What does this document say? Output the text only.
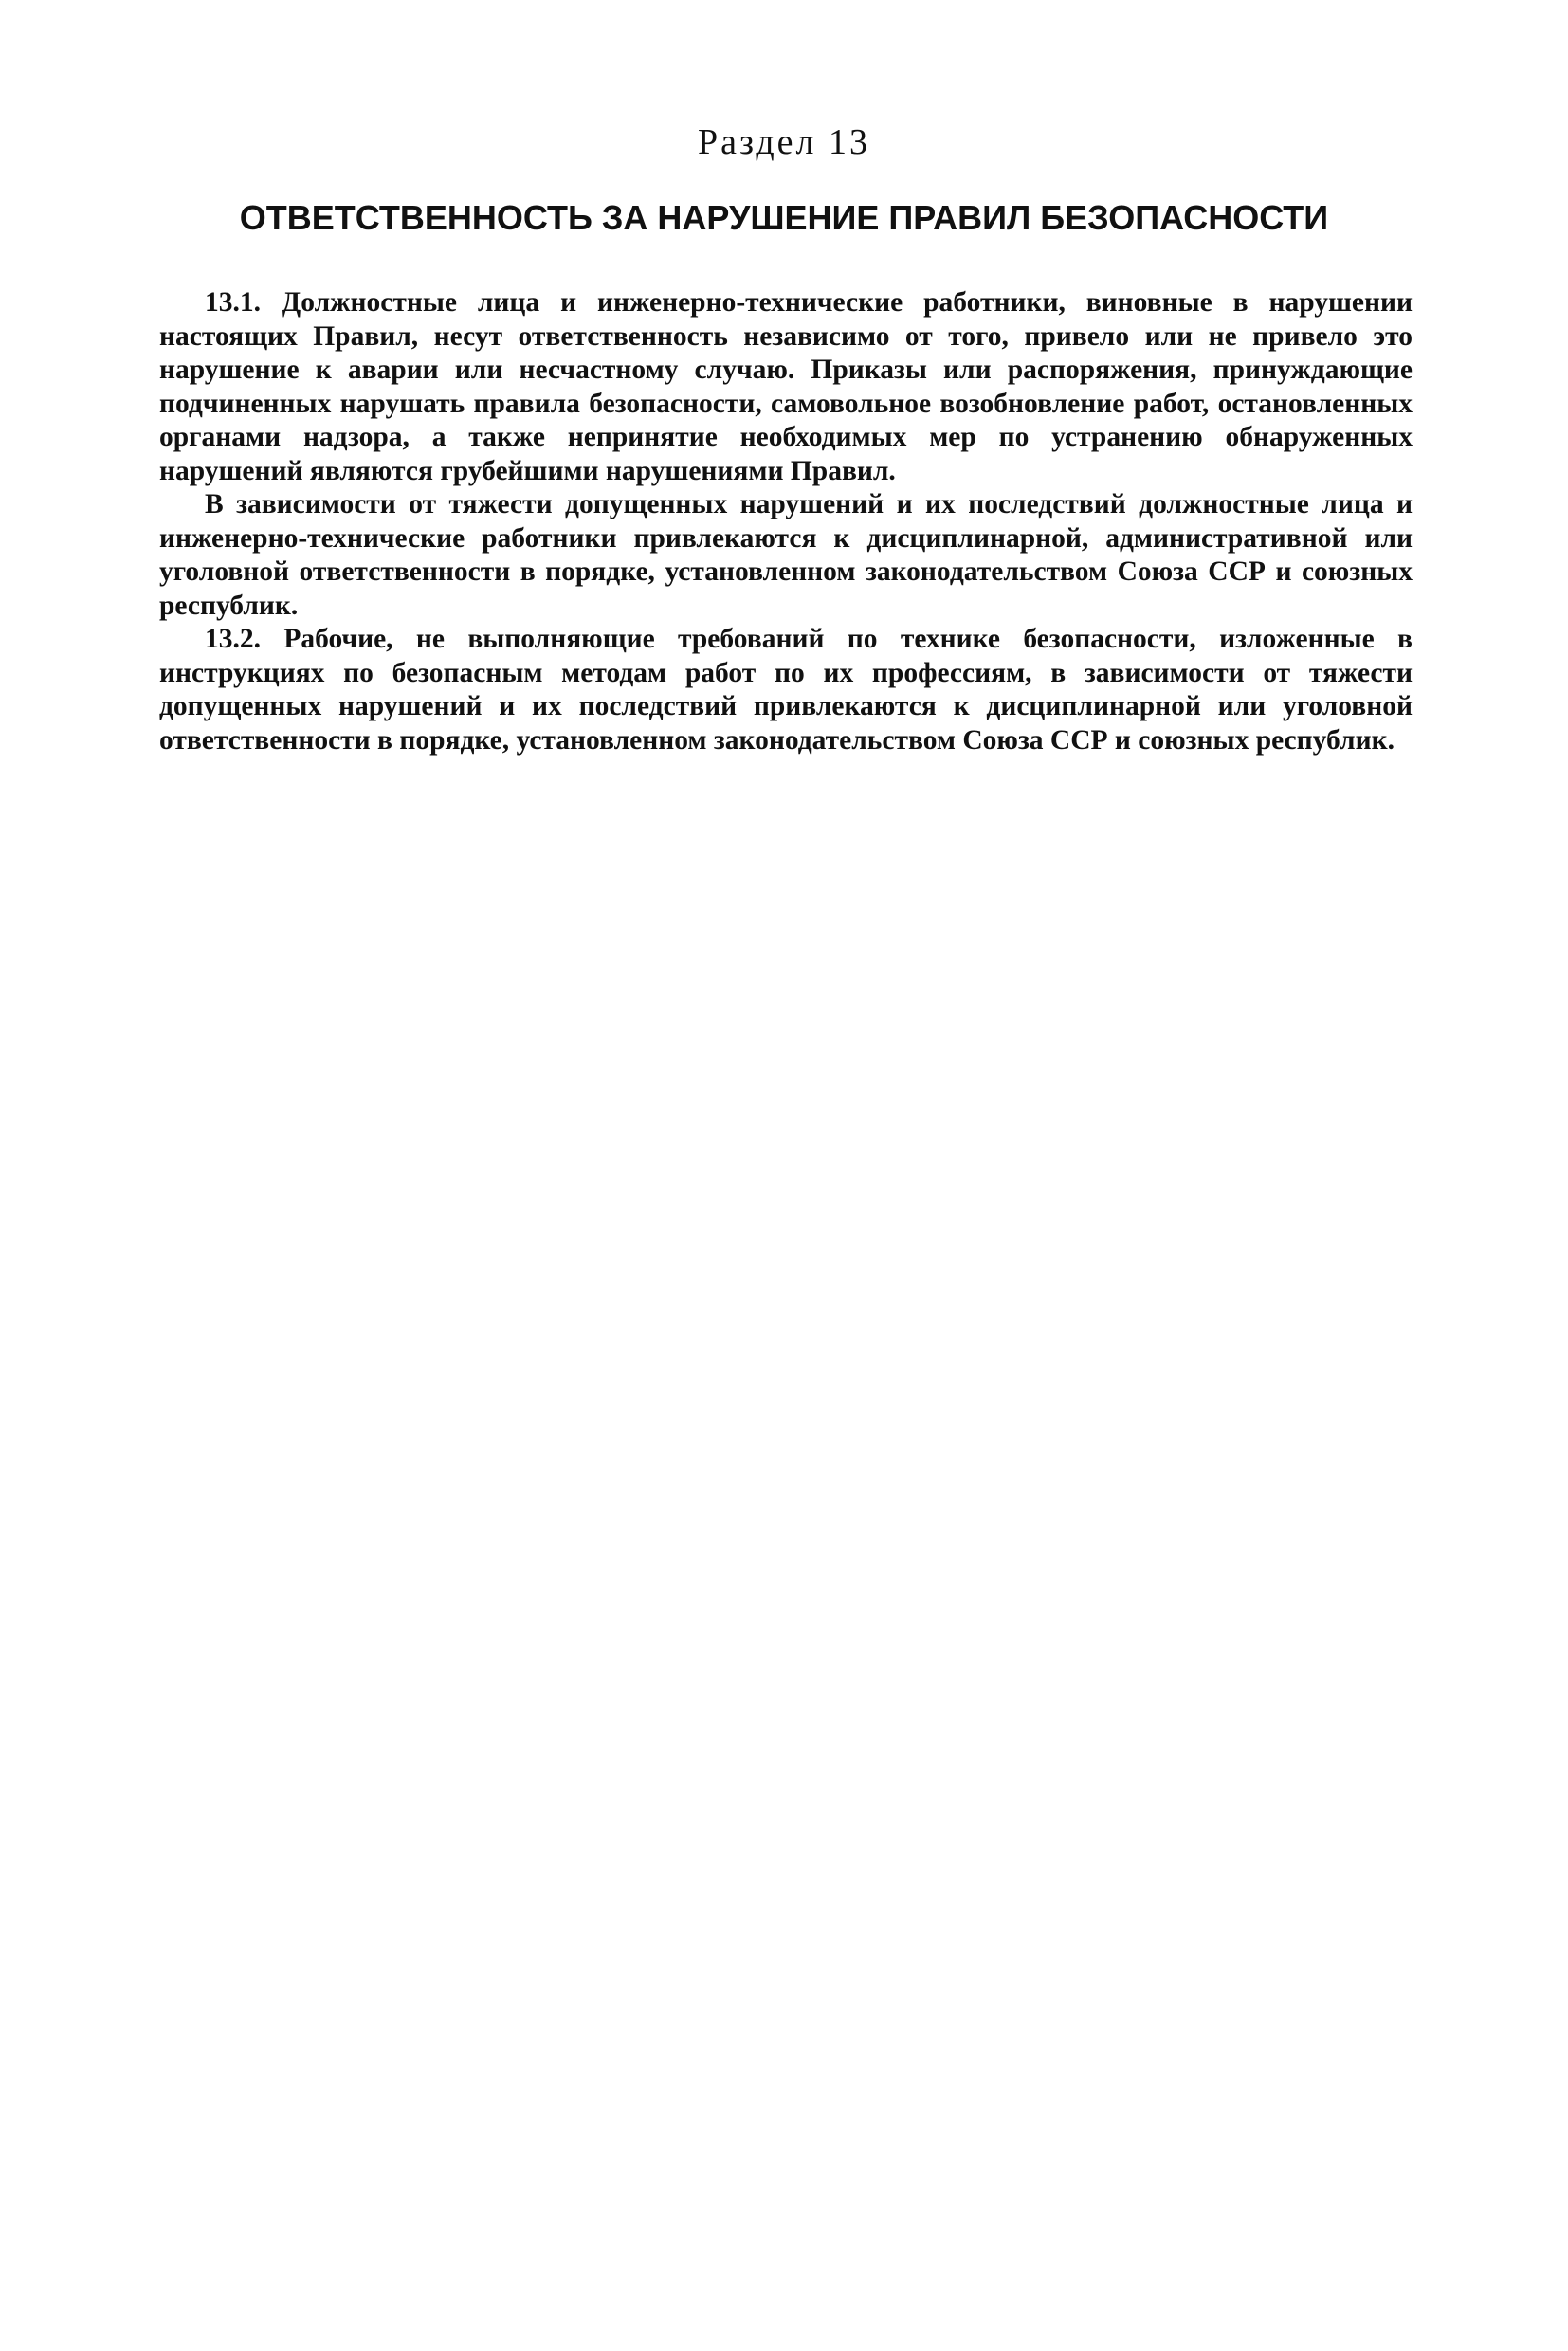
Раздел 13
ОТВЕТСТВЕННОСТЬ ЗА НАРУШЕНИЕ ПРАВИЛ БЕЗОПАСНОСТИ

13.1. Должностные лица и инженерно-технические работники, виновные в нарушении настоящих Правил, несут ответственность независимо от того, привело или не привело это нарушение к аварии или несчастному случаю. Приказы или распоряжения, принуждающие подчиненных нарушать правила безопасности, самовольное возобновление работ, остановленных органами надзора, а также непринятие необходимых мер по устранению обнаруженных нарушений являются грубейшими нарушениями Правил.

В зависимости от тяжести допущенных нарушений и их последствий должностные лица и инженерно-технические работники привлекаются к дисциплинарной, административной или уголовной ответственности в порядке, установленном законодательством Союза ССР и союзных республик.

13.2. Рабочие, не выполняющие требований по технике безопасности, изложенные в инструкциях по безопасным методам работ по их профессиям, в зависимости от тяжести допущенных нарушений и их последствий привлекаются к дисциплинарной или уголовной ответственности в порядке, установленном законодательством Союза ССР и союзных республик.
